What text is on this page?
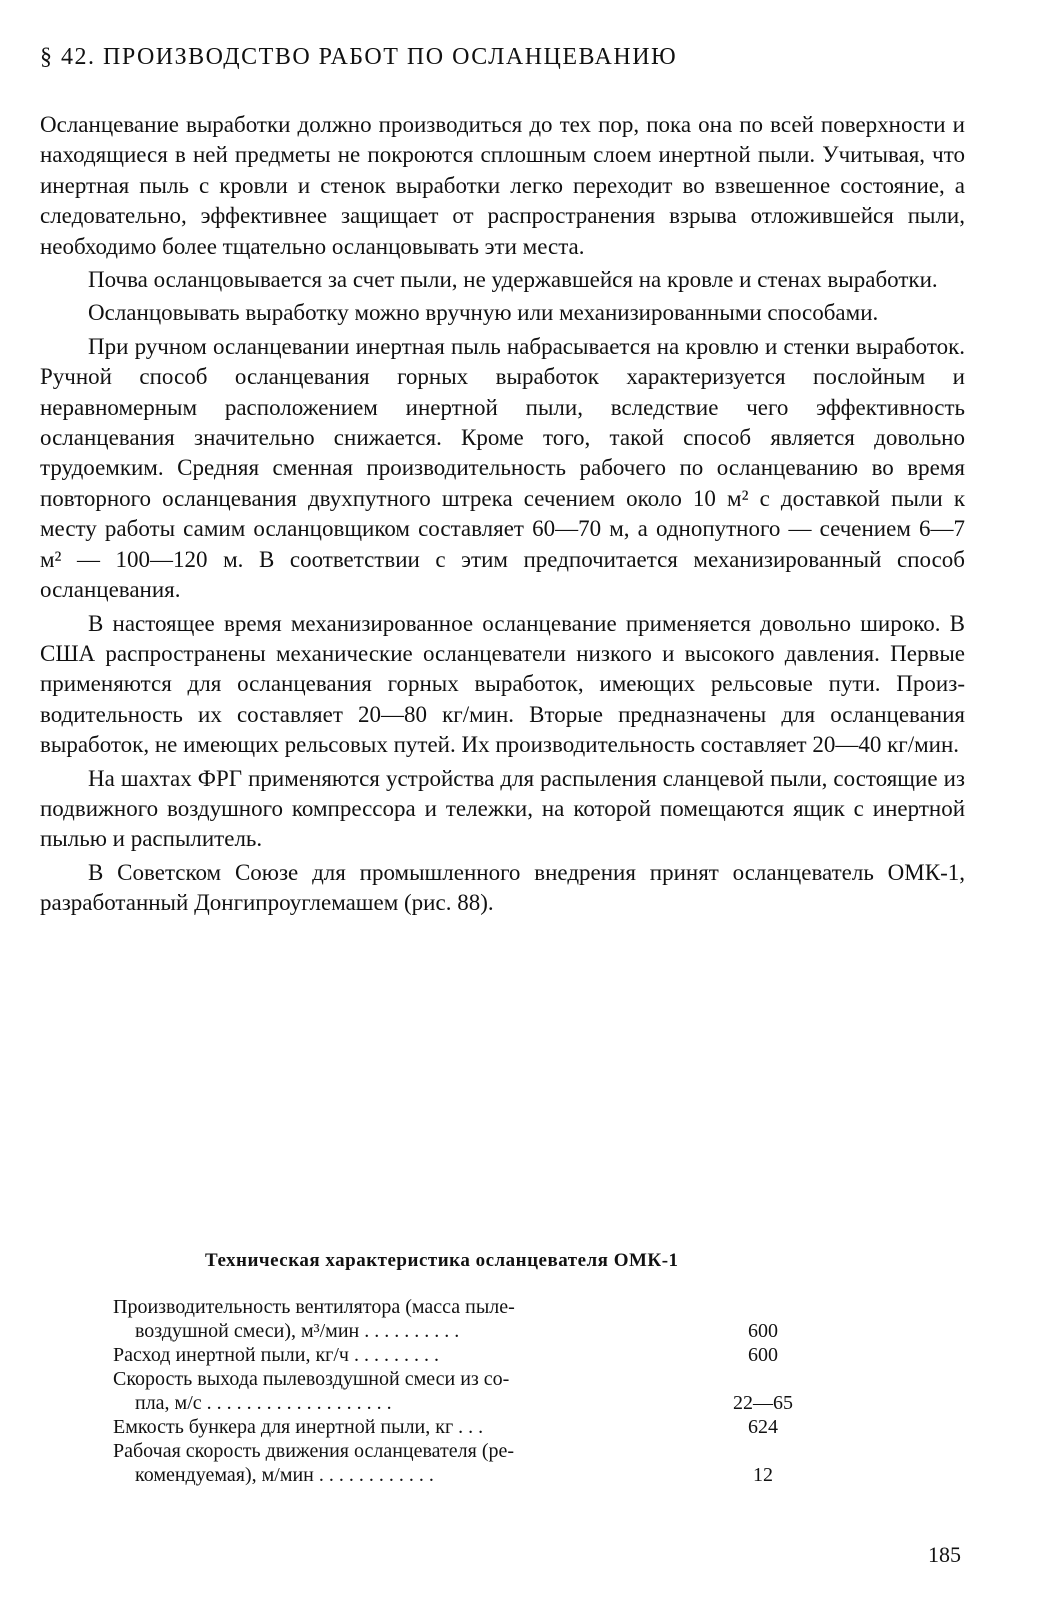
§ 42. ПРОИЗВОДСТВО РАБОТ ПО ОСЛАНЦЕВАНИЮ

Осланцевание выработки должно производиться до тех пор, пока она по всей поверхности и находящиеся в ней предметы не покроются сплошным слоем инертной пыли. Учитывая, что инертная пыль с кровли и стенок выработки легко переходит во взвешенное состояние, а следовательно, эффективнее защищает от распространения взрыва отложившейся пыли, необходимо более тщательно осланцовывать эти места.

Почва осланцовывается за счет пыли, не удержавшейся на кровле и стенах выработки.

Осланцовывать выработку можно вручную или механизированными способами.

При ручном осланцевании инертная пыль набрасывается на кровлю и стенки выработок. Ручной способ осланцевания горных выработок характеризуется послойным и неравномерным расположением инертной пыли, вследствие чего эффективность осланцевания значительно снижается. Кроме того, такой способ является довольно трудоемким. Средняя сменная производительность рабочего по осланцеванию во время повторного осланцевания двухпутного штрека сечением около 10 м² с доставкой пыли к месту работы самим осланцовщиком составляет 60—70 м, а однопутного — сечением 6—7 м² — 100—120 м. В соответствии с этим предпочитается механизированный способ осланцевания.

В настоящее время механизированное осланцевание применяется довольно широко. В США распространены механические осланцеватели низкого и высокого давления. Первые применяются для осланцевания горных выработок, имеющих рельсовые пути. Производительность их составляет 20—80 кг/мин. Вторые предназначены для осланцевания выработок, не имеющих рельсовых путей. Их производительность составляет 20—40 кг/мин.

На шахтах ФРГ применяются устройства для распыления сланцевой пыли, состоящие из подвижного воздушного компрессора и тележки, на которой помещаются ящик с инертной пылью и распылитель.

В Советском Союзе для промышленного внедрения принят осланцеватель ОМК-1, разработанный Донгипроуглемашем (рис. 88).

Техническая характеристика осланцевателя ОМК-1
Производительность вентилятора (масса пыле-
воздушной смеси), м³/мин . . . . . . . . . .	600
Расход инертной пыли, кг/ч . . . . . . . . .	600
Скорость выхода пылевоздушной смеси из со-
пла, м/с . . . . . . . . . . . . . . . . . . .	22—65
Емкость бункера для инертной пыли, кг . . .	624
Рабочая скорость движения осланцевателя (ре-
комендуемая), м/мин . . . . . . . . . . . .	12
185
